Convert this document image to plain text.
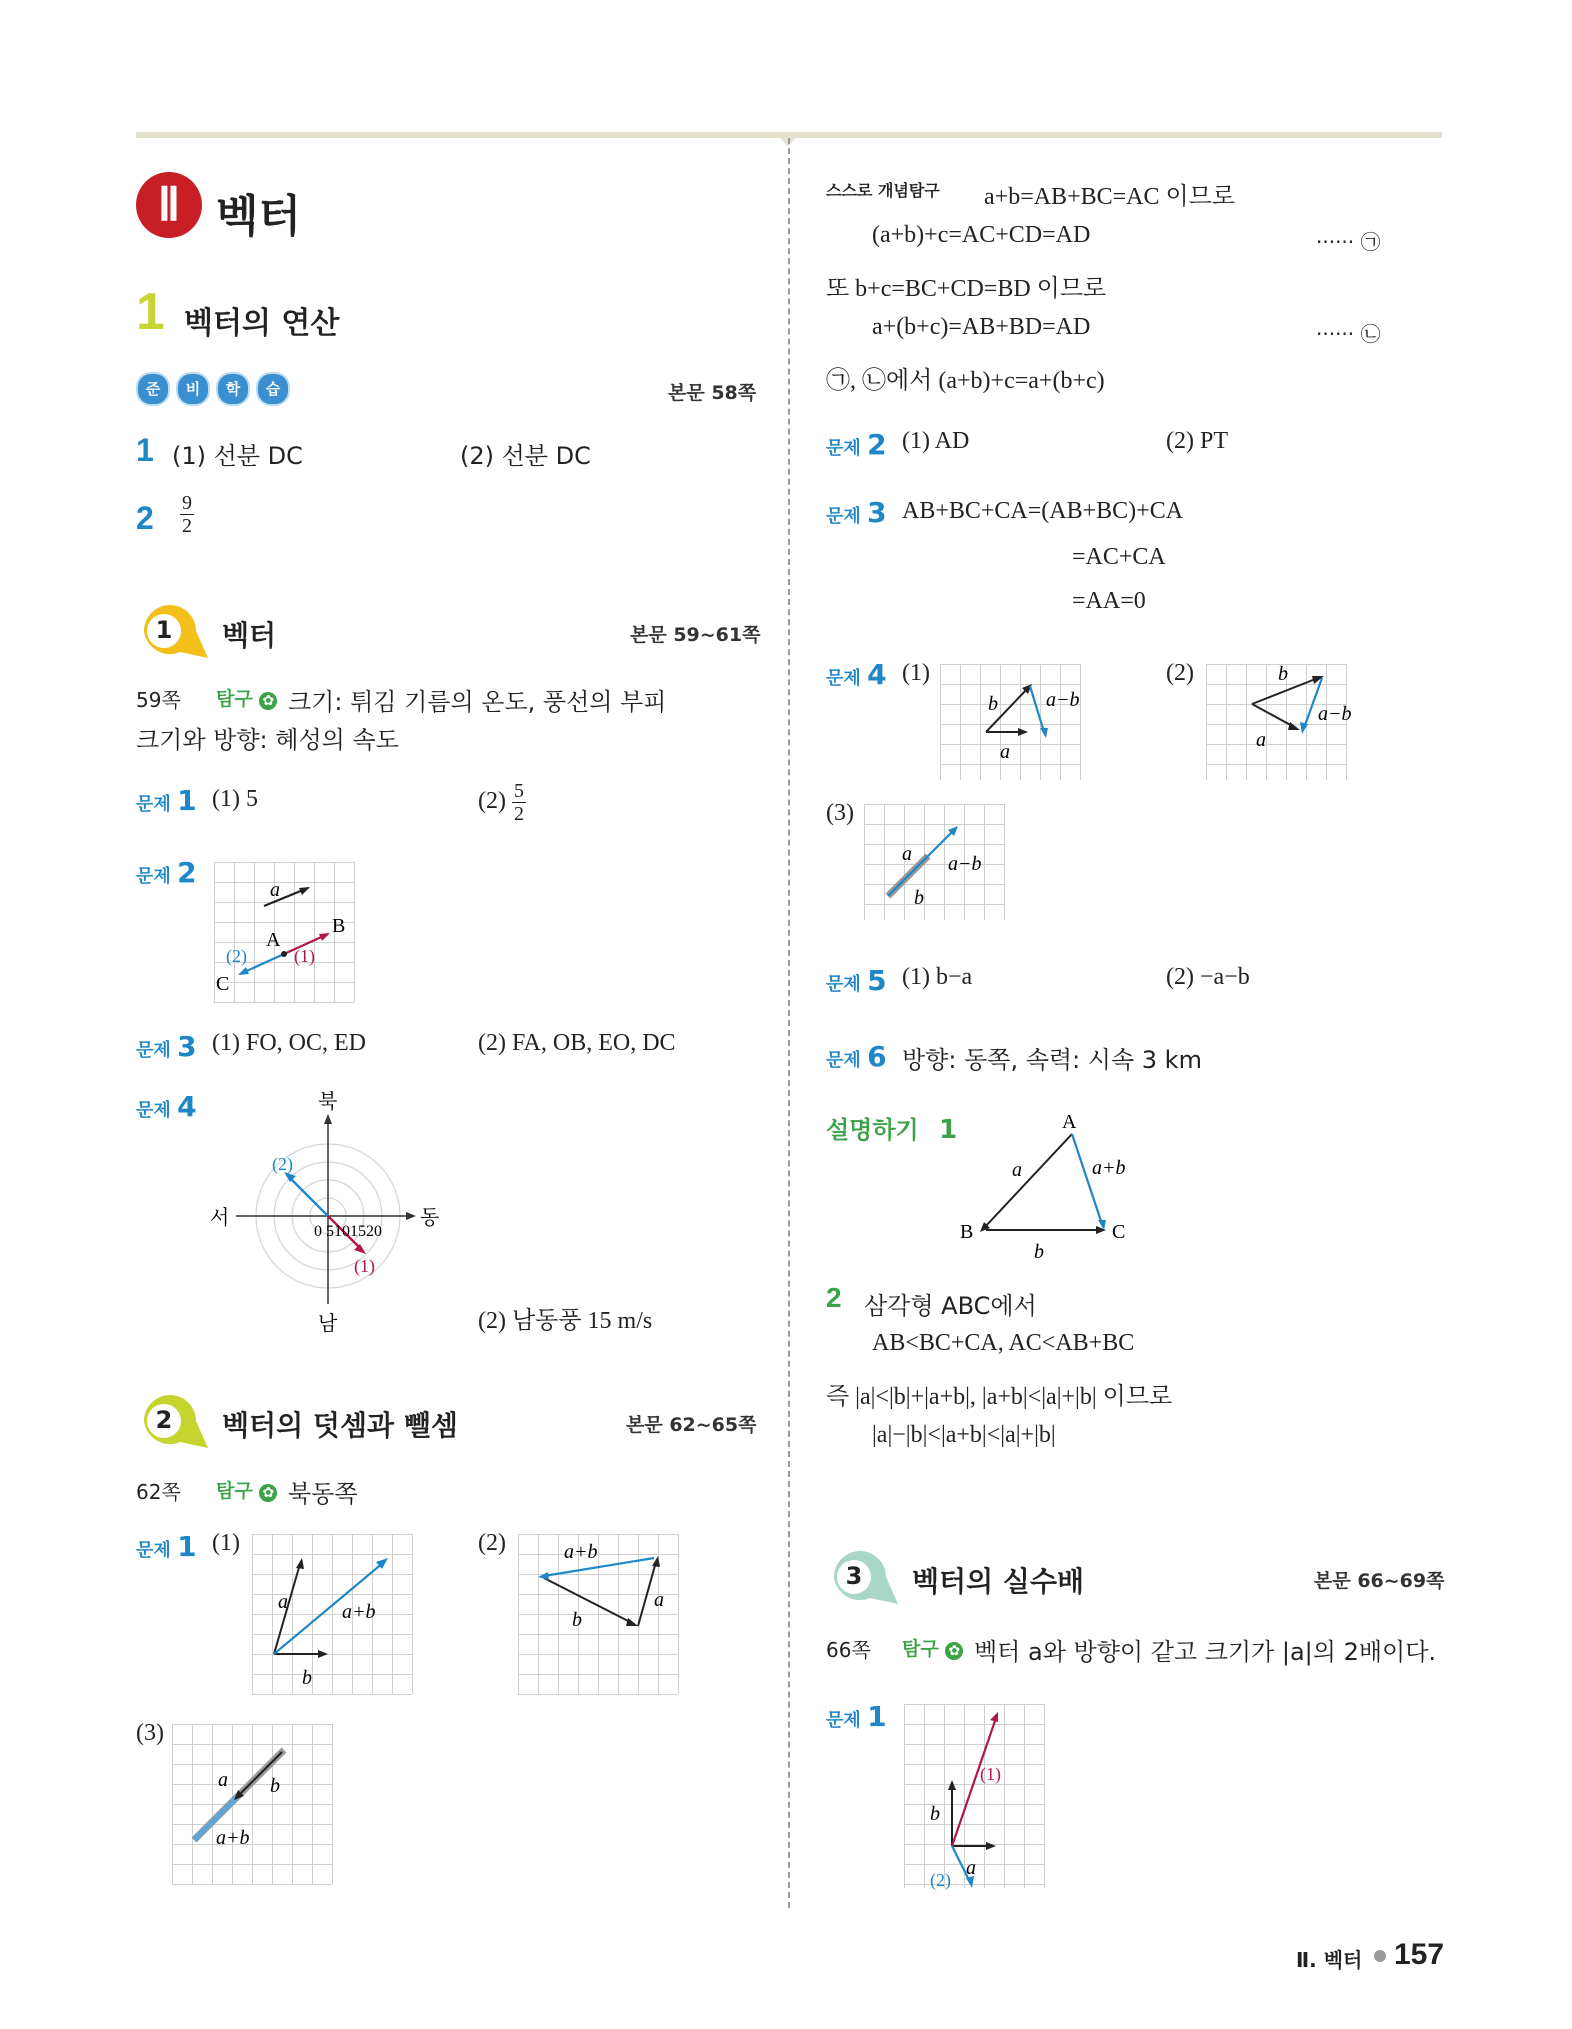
Ⅱ 벡터
1 벡터의 연산
준	비	학	습	본문 58쪽
1 (1) 선분 DC	(2) 선분 DC
$2 \frac{9}{2}$
1 벡터	본문 59~61쪽
59쪽 탐구 ✿ 크기: 튀김 기름의 온도, 풍선의 부피
크기와 방향: 혜성의 속도
문제 1 (1) 5	$(2) \frac{5}{2}$
문제 2
a
A
B
C
(1)
(2)
문제 3 (1) FO, OC, ED	(2) FA, OB, EO, DC
문제 4	북
남
서	동
0 5101520
(2)
(1)
(2) 남동풍 15 m/s
2 벡터의 덧셈과 뺄셈	본문 62~65쪽
62쪽 탐구 ✿ 북동쪽
문제 1 (1)
a
b
a+b
(2)	a+b
b
a
(3)
a b
a+b
스스로 개념탐구 a+b=AB+BC=AC 이므로
(a+b)+c=AC+CD=AD	······ ㉠
또 b+c=BC+CD=BD 이므로
a+(b+c)=AB+BD=AD	······ ㉡
㉠, ㉡에서 (a+b)+c=a+(b+c)
문제 2 (1) AD	(2) PT
문제 3 AB+BC+CA=(AB+BC)+CA
=AC+CA
=AA=0
문제 4 (1)
b
a
a−b
(2)	b
a
a−b
(3)
a
b
a−b
문제 5 (1) b−a	(2) −a−b
문제 6 방향: 동쪽, 속력: 시속 3 km
설명하기 1	A
B	C
a	a+b
b
2 삼각형 ABC에서
AB<BC+CA, AC<AB+BC
즉 |a|<|b|+|a+b|, |a+b|<|a|+|b| 이므로
|a|−|b|<|a+b|<|a|+|b|
3 벡터의 실수배	본문 66~69쪽
66쪽 탐구 ✿ 벡터 a와 방향이 같고 크기가 |a|의 2배이다.
문제 1
(1)
b
a
(2)
Ⅱ. 벡터 157
